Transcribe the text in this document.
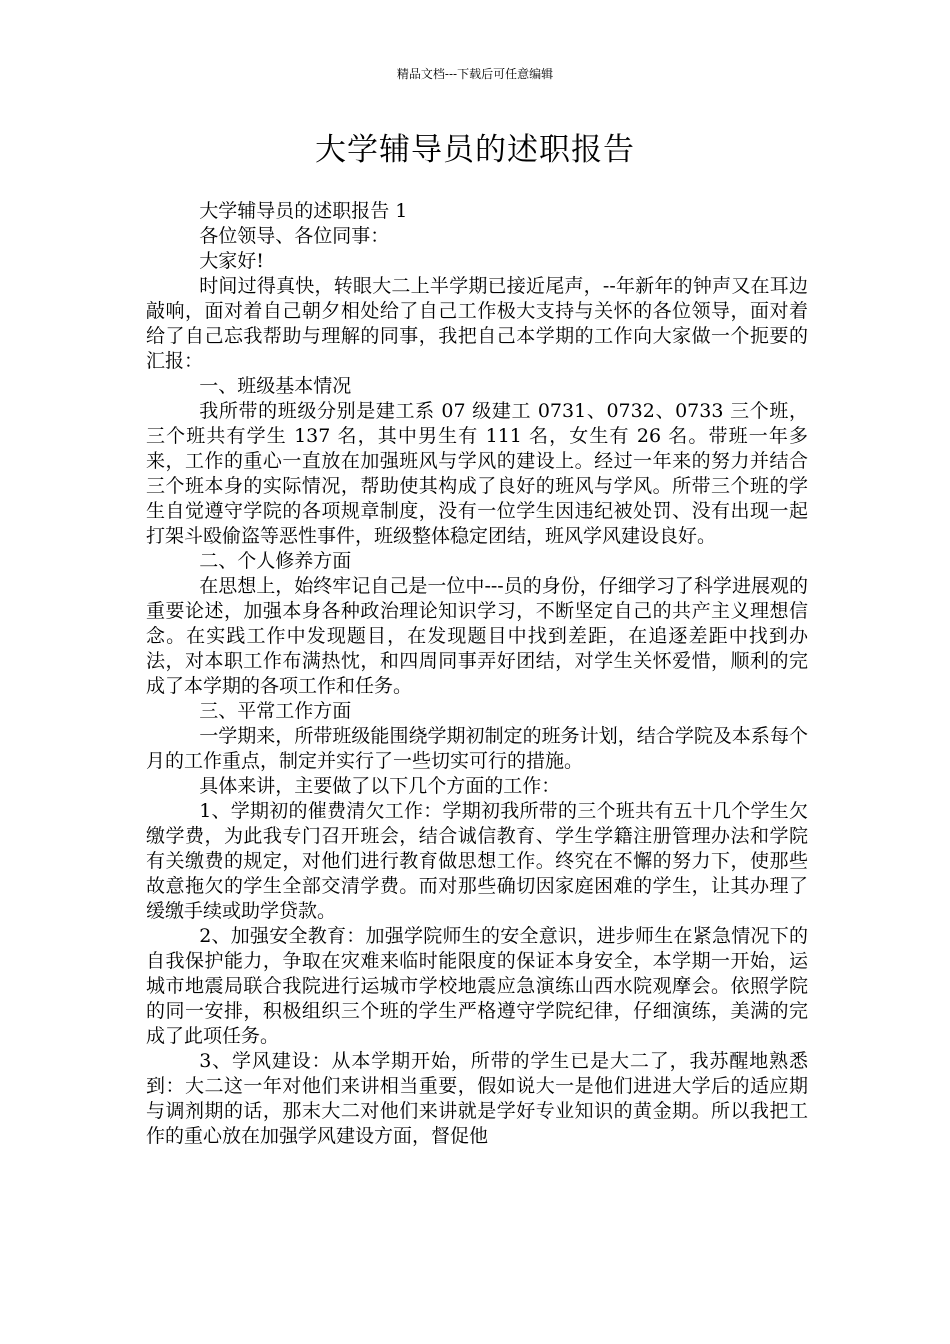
精品文档---下载后可任意编辑
大学辅导员的述职报告

大学辅导员的述职报告 1

各位领导、各位同事：

大家好!

时间过得真快，转眼大二上半学期已接近尾声，--年新年的钟声又在耳边敲响，面对着自己朝夕相处给了自己工作极大支持与关怀的各位领导，面对着给了自己忘我帮助与理解的同事，我把自己本学期的工作向大家做一个扼要的汇报：

一、班级基本情况

我所带的班级分别是建工系 07 级建工 0731、0732、0733 三个班，三个班共有学生 137 名，其中男生有 111 名，女生有 26 名。带班一年多来，工作的重心一直放在加强班风与学风的建设上。经过一年来的努力并结合三个班本身的实际情况，帮助使其构成了良好的班风与学风。所带三个班的学生自觉遵守学院的各项规章制度，没有一位学生因违纪被处罚、没有出现一起打架斗殴偷盗等恶性事件，班级整体稳定团结，班风学风建设良好。

二、个人修养方面

在思想上，始终牢记自己是一位中---员的身份，仔细学习了科学进展观的重要论述，加强本身各种政治理论知识学习，不断坚定自己的共产主义理想信念。在实践工作中发现题目，在发现题目中找到差距，在追逐差距中找到办法，对本职工作布满热忱，和四周同事弄好团结，对学生关怀爱惜，顺利的完成了本学期的各项工作和任务。

三、平常工作方面

一学期来，所带班级能围绕学期初制定的班务计划，结合学院及本系每个月的工作重点，制定并实行了一些切实可行的措施。

具体来讲，主要做了以下几个方面的工作：

1、学期初的催费清欠工作：学期初我所带的三个班共有五十几个学生欠缴学费，为此我专门召开班会，结合诚信教育、学生学籍注册管理办法和学院有关缴费的规定，对他们进行教育做思想工作。终究在不懈的努力下，使那些故意拖欠的学生全部交清学费。而对那些确切因家庭困难的学生，让其办理了缓缴手续或助学贷款。

2、加强安全教育：加强学院师生的安全意识，进步师生在紧急情况下的自我保护能力，争取在灾难来临时能限度的保证本身安全，本学期一开始，运城市地震局联合我院进行运城市学校地震应急演练山西水院观摩会。依照学院的同一安排，积极组织三个班的学生严格遵守学院纪律，仔细演练，美满的完成了此项任务。

3、学风建设：从本学期开始，所带的学生已是大二了，我苏醒地熟悉到：大二这一年对他们来讲相当重要，假如说大一是他们进进大学后的适应期与调剂期的话，那末大二对他们来讲就是学好专业知识的黄金期。所以我把工作的重心放在加强学风建设方面，督促他
